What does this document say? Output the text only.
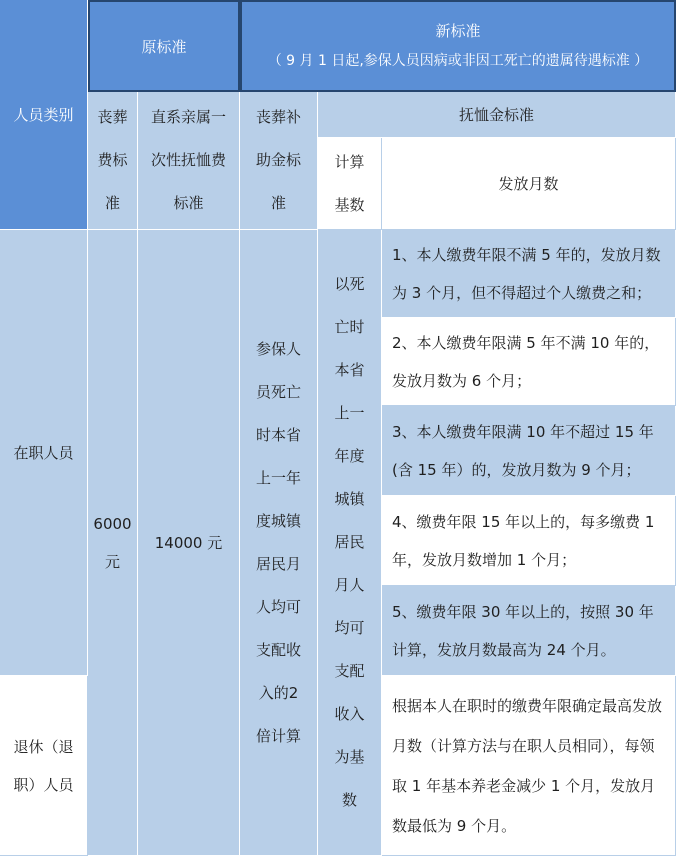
人员类别
原标准
新标准
（ 9 月 1 日起,参保人员因病或非因工死亡的遗属待遇标准 ）
丧葬费标准
直系亲属一次性抚恤费标准
丧葬补助金标准
抚恤金标准
计算基数
发放月数
在职人员
退休（退职）人员
6000元
14000 元
参保人员死亡时本省上一年度城镇居民月人均可支配收入的2倍计算
以死亡时本省上一年度城镇居民月人均可支配收入为基数
1、本人缴费年限不满 5 年的，发放月数为 3 个月，但不得超过个人缴费之和；
2、本人缴费年限满 5 年不满 10 年的，发放月数为 6 个月；
3、本人缴费年限满 10 年不超过 15 年(含 15 年）的，发放月数为 9 个月；
4、缴费年限 15 年以上的，每多缴费 1 年，发放月数增加 1 个月；
5、缴费年限 30 年以上的，按照 30 年计算，发放月数最高为 24 个月。
根据本人在职时的缴费年限确定最高发放月数（计算方法与在职人员相同），每领取 1 年基本养老金减少 1 个月，发放月数最低为 9 个月。
